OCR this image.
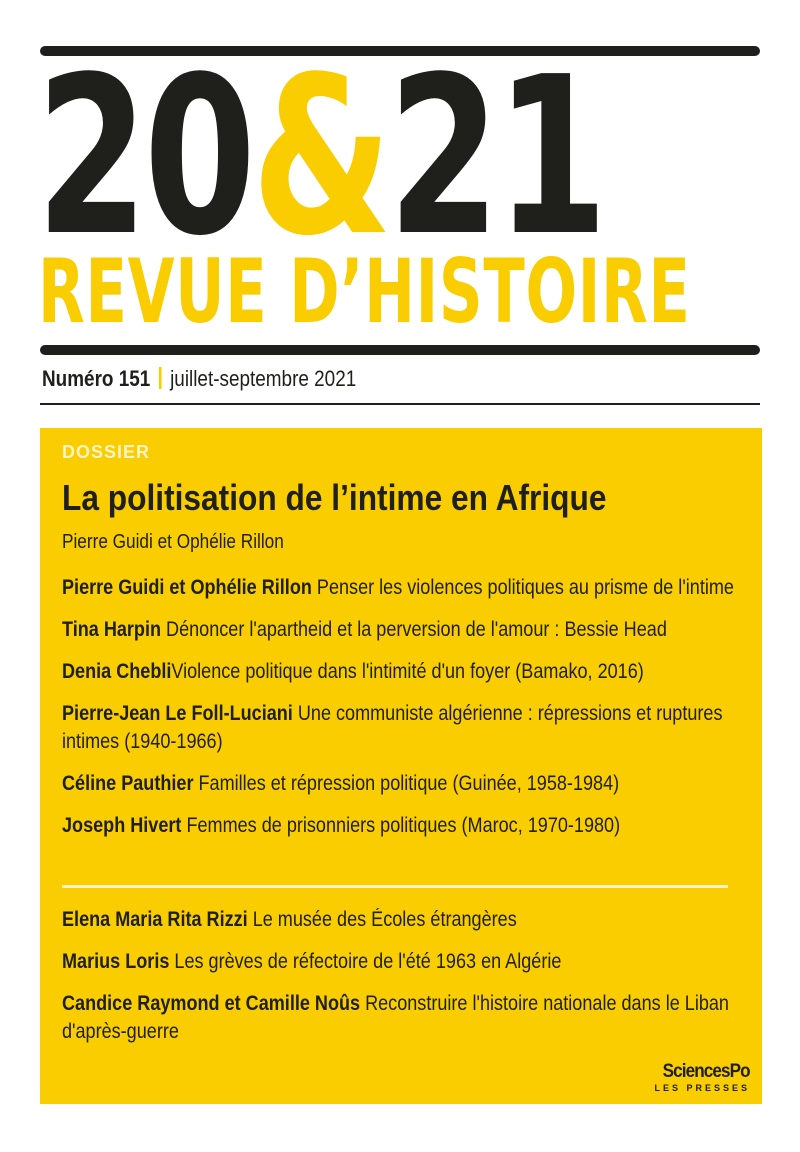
20&21
REVUE D’HISTOIRE
Numéro 151 juillet-septembre 2021
DOSSIER
La politisation de l’intime en Afrique
Pierre Guidi et Ophélie Rillon
Pierre Guidi et Ophélie Rillon Penser les violences politiques au prisme de l'intime
Tina Harpin Dénoncer l'apartheid et la perversion de l'amour : Bessie Head
Denia ChebliViolence politique dans l'intimité d'un foyer (Bamako, 2016)
Pierre-Jean Le Foll-Luciani Une communiste algérienne : répressions et ruptures intimes (1940-1966)
Céline Pauthier Familles et répression politique (Guinée, 1958-1984)
Joseph Hivert Femmes de prisonniers politiques (Maroc, 1970-1980)
Elena Maria Rita Rizzi Le musée des Écoles étrangères
Marius Loris Les grèves de réfectoire de l'été 1963 en Algérie
Candice Raymond et Camille Noûs Reconstruire l'histoire nationale dans le Liban d'après-guerre
SciencesPo
LES PRESSES
